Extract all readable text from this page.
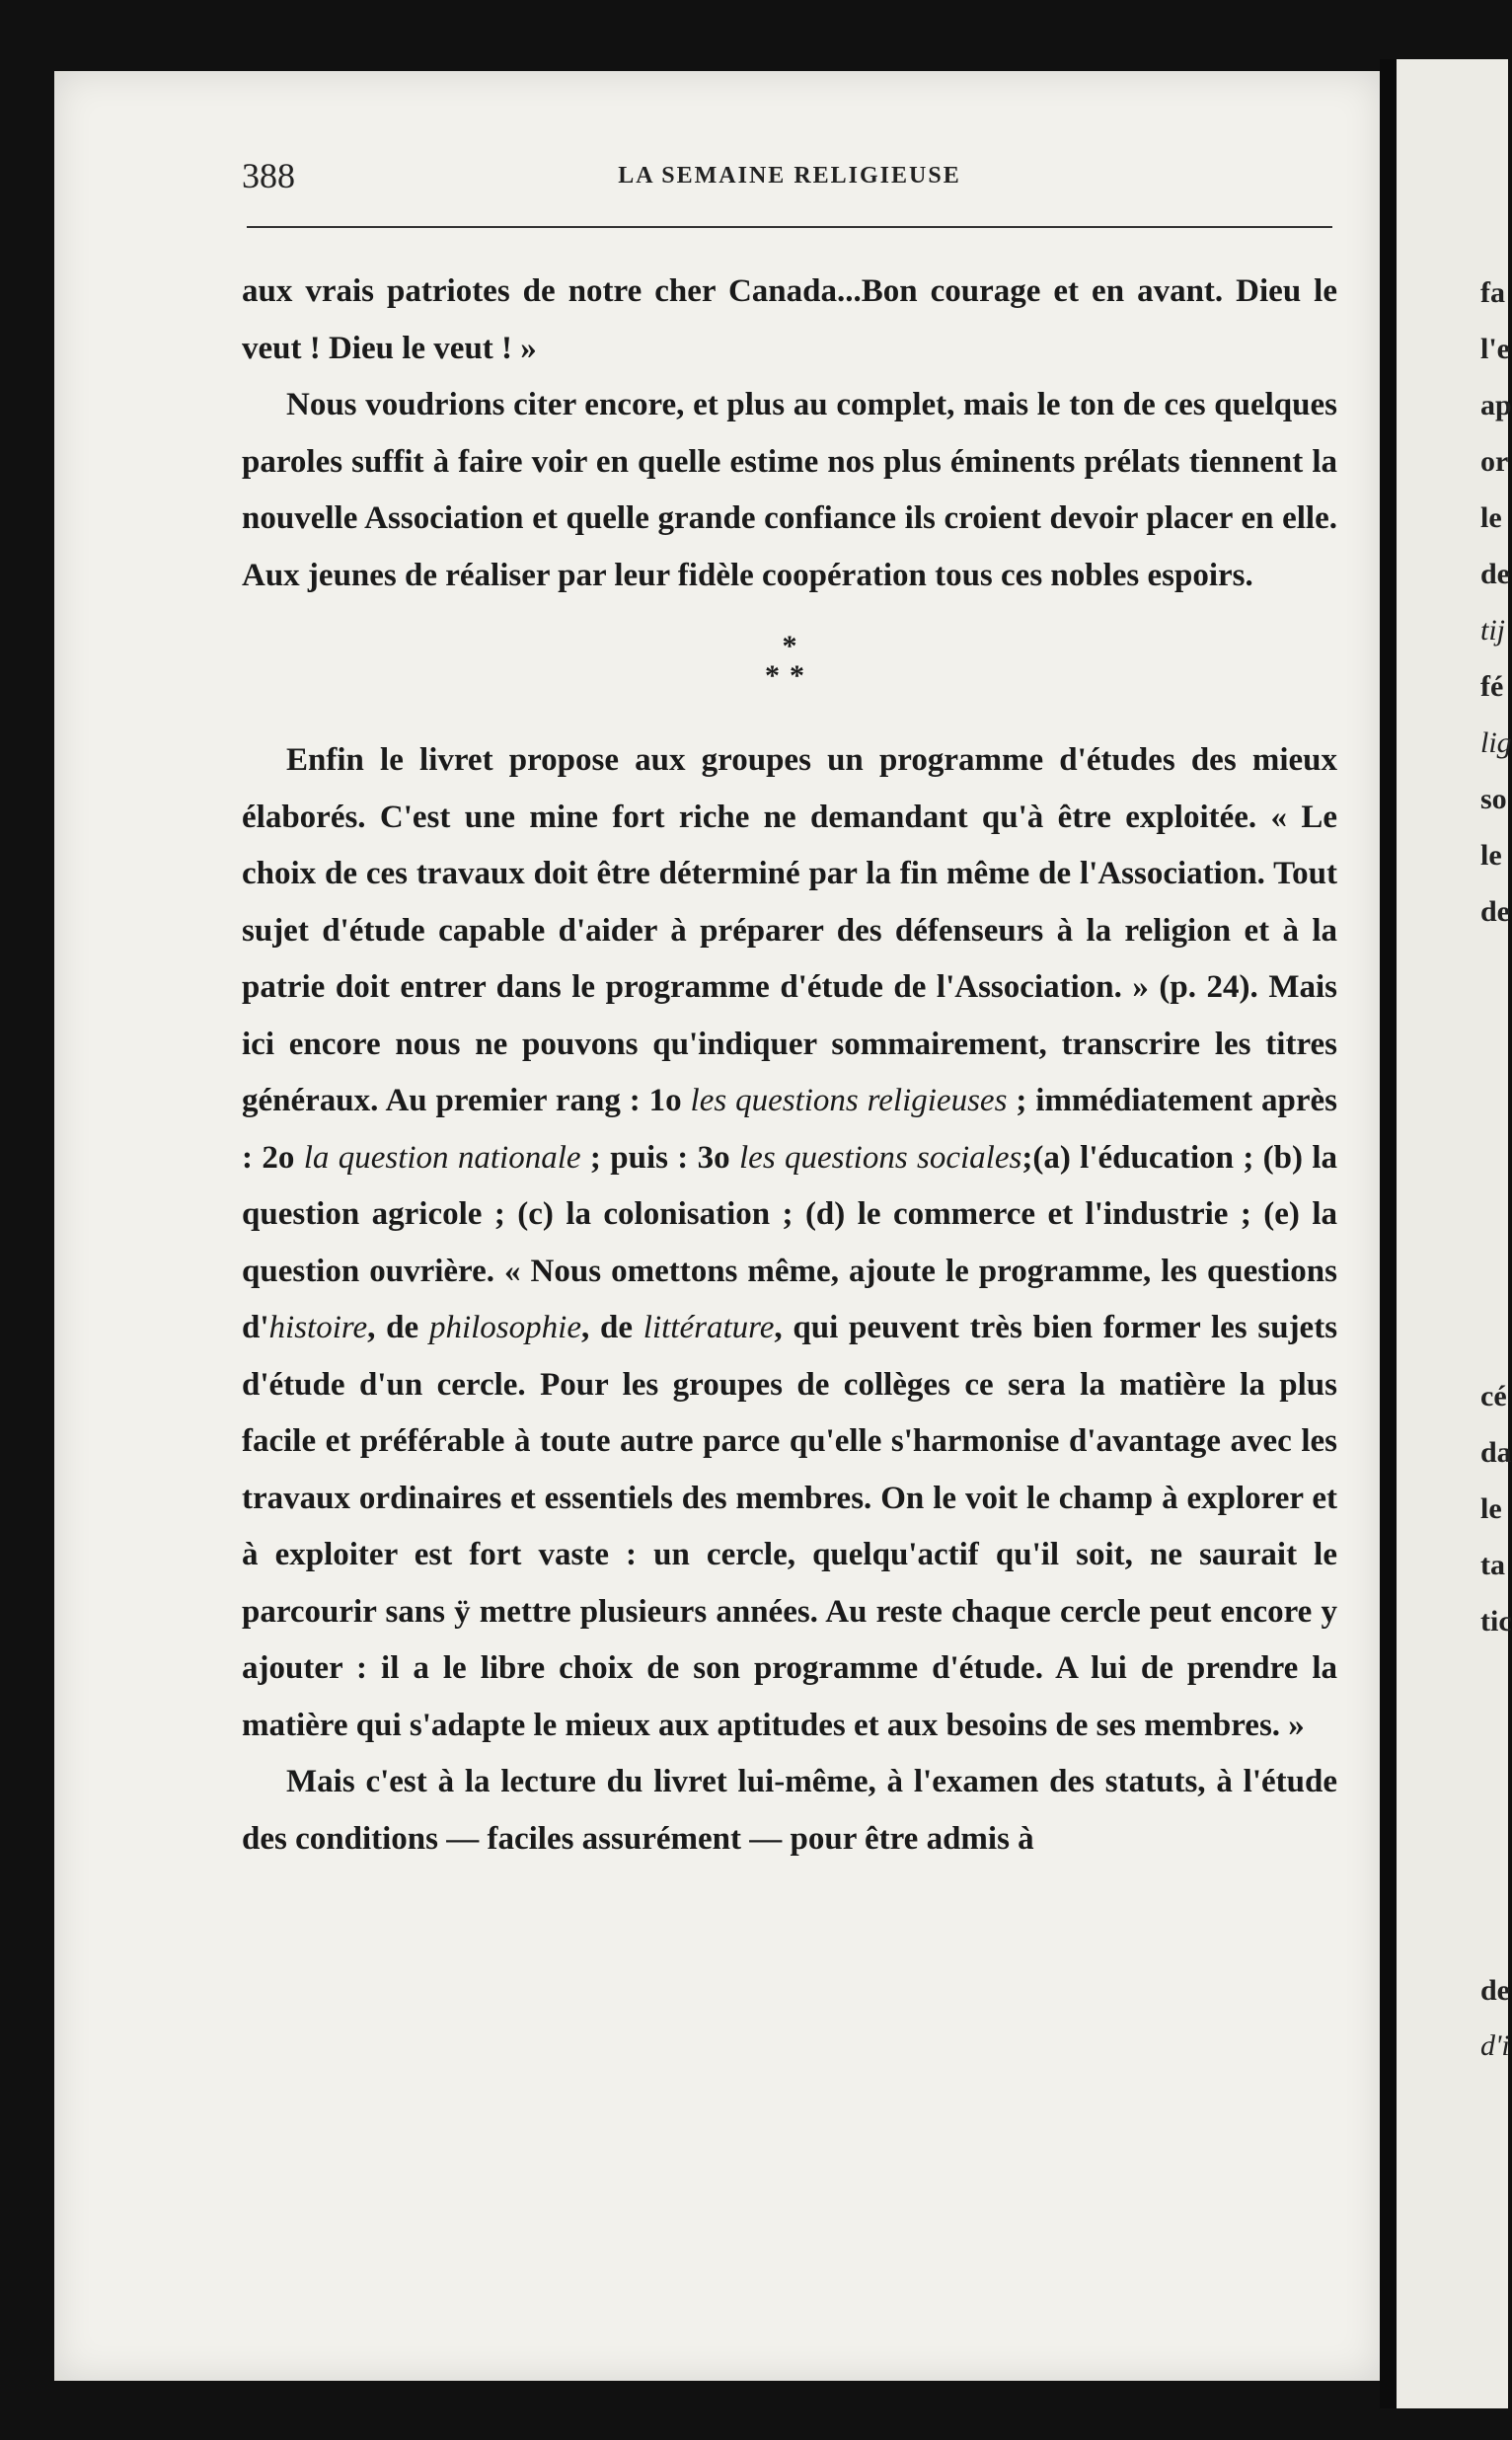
388	LA SEMAINE RELIGIEUSE

aux vrais patriotes de notre cher Canada...Bon courage et en avant. Dieu le veut ! Dieu le veut ! »

Nous voudrions citer encore, et plus au complet, mais le ton de ces quelques paroles suffit à faire voir en quelle estime nos plus éminents prélats tiennent la nouvelle Association et quelle grande confiance ils croient devoir placer en elle. Aux jeunes de réaliser par leur fidèle coopération tous ces nobles espoirs.

*
**

Enfin le livret propose aux groupes un programme d'études des mieux élaborés. C'est une mine fort riche ne demandant qu'à être exploitée. « Le choix de ces travaux doit être déterminé par la fin même de l'Association. Tout sujet d'étude capable d'aider à préparer des défenseurs à la religion et à la patrie doit entrer dans le programme d'étude de l'Association. » (p. 24). Mais ici encore nous ne pouvons qu'indiquer sommairement, transcrire les titres généraux. Au premier rang : 1o les questions religieuses ; immédiatement après : 2o la question nationale ; puis : 3o les questions sociales;(a) l'éducation ; (b) la question agricole ; (c) la colonisation ; (d) le commerce et l'industrie ; (e) la question ouvrière. « Nous omettons même, ajoute le programme, les questions d'histoire, de philosophie, de littérature, qui peuvent très bien former les sujets d'étude d'un cercle. Pour les groupes de collèges ce sera la matière la plus facile et préférable à toute autre parce qu'elle s'harmonise d'avantage avec les travaux ordinaires et essentiels des membres. On le voit le champ à explorer et à exploiter est fort vaste : un cercle, quelqu'actif qu'il soit, ne saurait le parcourir sans ÿ mettre plusieurs années. Au reste chaque cercle peut encore y ajouter : il a le libre choix de son programme d'étude. A lui de prendre la matière qui s'adapte le mieux aux aptitudes et aux besoins de ses membres. »

Mais c'est à la lecture du livret lui-même, à l'examen des statuts, à l'étude des conditions — faciles assurément — pour être admis à

fa
l'e
ap
or
le
de
tij
fé
lig
so
le
de
cé
da
le
ta
tic
de
d'i
